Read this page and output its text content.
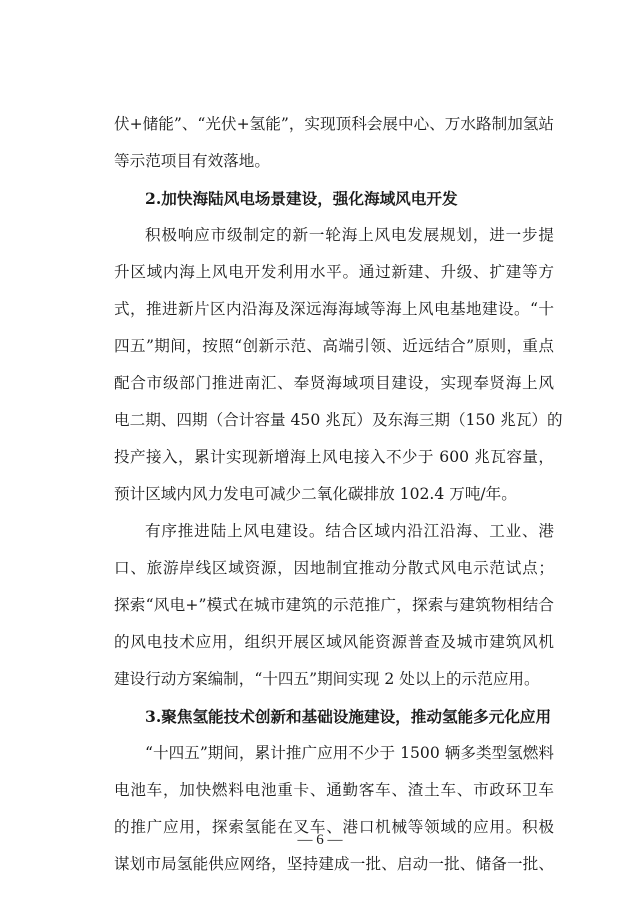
伏+储能”、“光伏+氢能”，实现顶科会展中心、万水路制加氢站
等示范项目有效落地。
2.加快海陆风电场景建设，强化海域风电开发
积极响应市级制定的新一轮海上风电发展规划，进一步提
升区域内海上风电开发利用水平。通过新建、升级、扩建等方
式，推进新片区内沿海及深远海海域等海上风电基地建设。“十
四五”期间，按照“创新示范、高端引领、近远结合”原则，重点
配合市级部门推进南汇、奉贤海域项目建设，实现奉贤海上风
电二期、四期（合计容量 450 兆瓦）及东海三期（150 兆瓦）的
投产接入，累计实现新增海上风电接入不少于 600 兆瓦容量，
预计区域内风力发电可减少二氧化碳排放 102.4 万吨/年。
有序推进陆上风电建设。结合区域内沿江沿海、工业、港
口、旅游岸线区域资源，因地制宜推动分散式风电示范试点；
探索“风电+”模式在城市建筑的示范推广，探索与建筑物相结合
的风电技术应用，组织开展区域风能资源普查及城市建筑风机
建设行动方案编制，“十四五”期间实现 2 处以上的示范应用。
3.聚焦氢能技术创新和基础设施建设，推动氢能多元化应用
“十四五”期间，累计推广应用不少于 1500 辆多类型氢燃料
电池车，加快燃料电池重卡、通勤客车、渣土车、市政环卫车
的推广应用，探索氢能在叉车、港口机械等领域的应用。积极
谋划市局氢能供应网络，坚持建成一批、启动一批、储备一批、
— 6 —
